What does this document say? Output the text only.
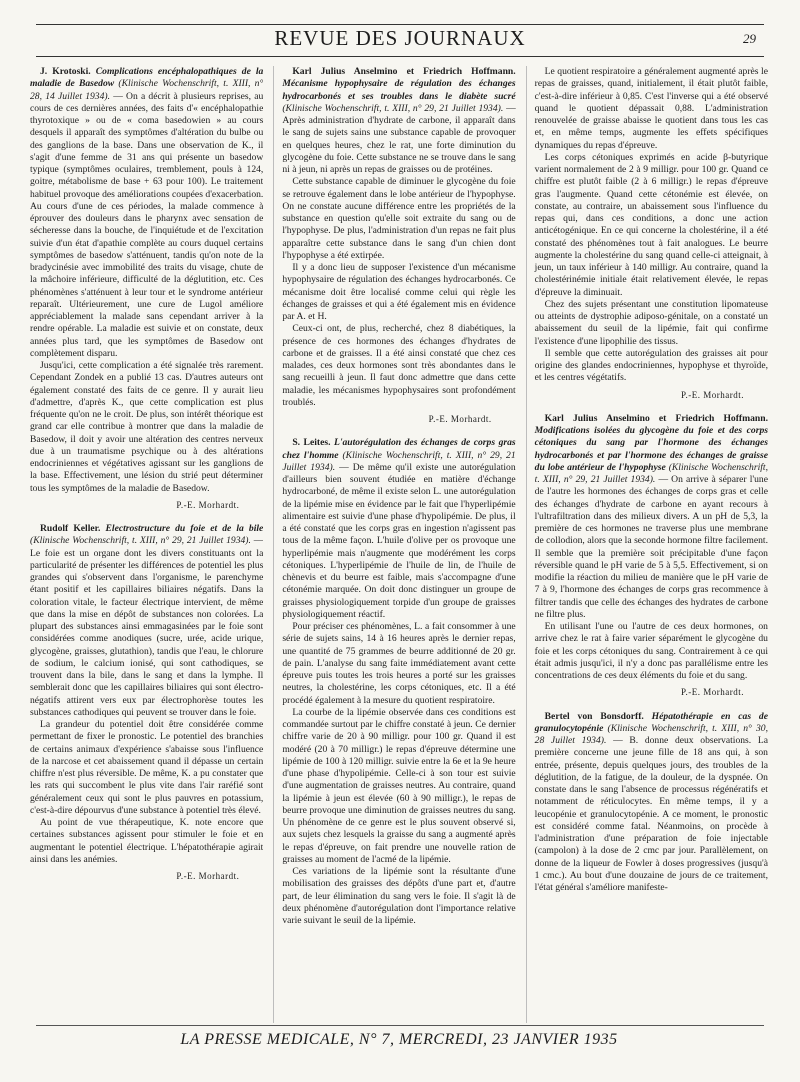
REVUE DES JOURNAUX	29

J. Krotoski. Complications encéphalopathiques de la maladie de Basedow (Klinische Wochenschrift, t. XIII, n° 28, 14 Juillet 1934). — On a décrit à plusieurs reprises, au cours de ces dernières années, des faits d'« encéphalopathie thyrotoxique » ou de « coma basedowien » au cours desquels il apparaît des symptômes d'altération du bulbe ou des ganglions de la base. Dans une observation de K., il s'agit d'une femme de 31 ans qui présente un basedow typique (symptômes oculaires, tremblement, pouls à 124, goitre, métabolisme de base + 63 pour 100). Le traitement habituel provoque des améliorations coupées d'exacerbation. Au cours d'une de ces périodes, la malade commence à éprouver des douleurs dans le pharynx avec sensation de sécheresse dans la bouche, de l'inquiétude et de l'excitation suivie d'un état d'apathie complète au cours duquel certains symptômes de basedow s'atténuent, tandis qu'on note de la bradycinésie avec immobilité des traits du visage, chute de la mâchoire inférieure, difficulté de la déglutition, etc. Ces phénomènes s'atténuent à leur tour et le syndrome antérieur reparaît. Ultérieurement, une cure de Lugol améliore appréciablement la malade sans cependant arriver à la rendre opérable. La maladie est suivie et on constate, deux années plus tard, que les symptômes de Basedow ont complètement disparu.

Jusqu'ici, cette complication a été signalée très rarement. Cependant Zondek en a publié 13 cas. D'autres auteurs ont également constaté des faits de ce genre. Il y aurait lieu d'admettre, d'après K., que cette complication est plus fréquente qu'on ne le croit. De plus, son intérêt théorique est grand car elle contribue à montrer que dans la maladie de Basedow, il doit y avoir une altération des centres nerveux due à un traumatisme psychique ou à des altérations endocriniennes et végétatives agissant sur les ganglions de la base. Effectivement, une lésion du strié peut déterminer tous les symptômes de la maladie de Basedow.

P.-E. Morhardt.

Rudolf Keller. Electrostructure du foie et de la bile (Klinische Wochenschrift, t. XIII, n° 29, 21 Juillet 1934). — Le foie est un organe dont les divers constituants ont la particularité de présenter les différences de potentiel les plus grandes qui s'observent dans l'organisme, le parenchyme étant positif et les capillaires biliaires négatifs. Dans la coloration vitale, le facteur électrique intervient, de même que dans la mise en dépôt de substances non colorées. La plupart des substances ainsi emmagasinées par le foie sont considérées comme anodiques (sucre, urée, acide urique, glycogène, graisses, glutathion), tandis que l'eau, le chlorure de sodium, le calcium ionisé, qui sont cathodiques, se trouvent dans la bile, dans le sang et dans la lymphe. Il semblerait donc que les capillaires biliaires qui sont électro-négatifs attirent vers eux par électrophorèse toutes les substances cathodiques qui peuvent se trouver dans le foie.

La grandeur du potentiel doit être considérée comme permettant de fixer le pronostic. Le potentiel des branchies de certains animaux d'expérience s'abaisse sous l'influence de la narcose et cet abaissement quand il dépasse un certain chiffre n'est plus réversible. De même, K. a pu constater que les rats qui succombent le plus vite dans l'air raréfié sont généralement ceux qui sont le plus pauvres en potassium, c'est-à-dire dépourvus d'une substance à potentiel très élevé.

Au point de vue thérapeutique, K. note encore que certaines substances agissent pour stimuler le foie et en augmentant le potentiel électrique. L'hépatothérapie agirait ainsi dans les anémies.

P.-E. Morhardt.

Karl Julius Anselmino et Friedrich Hoffmann. Mécanisme hypophysaire de régulation des échanges hydrocarbonés et ses troubles dans le diabète sucré (Klinische Wochenschrift, t. XIII, n° 29, 21 Juillet 1934). — Après administration d'hydrate de carbone, il apparaît dans le sang de sujets sains une substance capable de provoquer en quelques heures, chez le rat, une forte diminution du glycogène du foie. Cette substance ne se trouve dans le sang ni à jeun, ni après un repas de graisses ou de protéines.

Cette substance capable de diminuer le glycogène du foie se retrouve également dans le lobe antérieur de l'hypophyse. On ne constate aucune différence entre les propriétés de la substance en question qu'elle soit extraite du sang ou de l'hypophyse. De plus, l'administration d'un repas ne fait plus apparaître cette substance dans le sang d'un chien dont l'hypophyse a été extirpée.

Il y a donc lieu de supposer l'existence d'un mécanisme hypophysaire de régulation des échanges hydrocarbonés. Ce mécanisme doit être localisé comme celui qui règle les échanges de graisses et qui a été également mis en évidence par A. et H.

Ceux-ci ont, de plus, recherché, chez 8 diabétiques, la présence de ces hormones des échanges d'hydrates de carbone et de graisses. Il a été ainsi constaté que chez ces malades, ces deux hormones sont très abondantes dans le sang recueilli à jeun. Il faut donc admettre que dans cette maladie, les mécanismes hypophysaires sont profondément troublés.

P.-E. Morhardt.

S. Leites. L'autorégulation des échanges de corps gras chez l'homme (Klinische Wochenschrift, t. XIII, n° 29, 21 Juillet 1934). — De même qu'il existe une autorégulation d'ailleurs bien souvent étudiée en matière d'échange hydrocarboné, de même il existe selon L. une autorégulation de la lipémie mise en évidence par le fait que l'hyperlipémie alimentaire est suivie d'une phase d'hypolipémie. De plus, il a été constaté que les corps gras en ingestion n'agissent pas tous de la même façon. L'huile d'olive per os provoque une hyperlipémie mais n'augmente que modérément les corps cétoniques. L'hyperlipémie de l'huile de lin, de l'huile de chènevis et du beurre est faible, mais s'accompagne d'une cétonémie marquée. On doit donc distinguer un groupe de graisses physiologiquement torpide d'un groupe de graisses physiologiquement réactif.

Pour préciser ces phénomènes, L. a fait consommer à une série de sujets sains, 14 à 16 heures après le dernier repas, une quantité de 75 grammes de beurre additionné de 20 gr. de pain. L'analyse du sang faite immédiatement avant cette épreuve puis toutes les trois heures a porté sur les graisses neutres, la cholestérine, les corps cétoniques, etc. Il a été procédé également à la mesure du quotient respiratoire.

La courbe de la lipémie observée dans ces conditions est commandée surtout par le chiffre constaté à jeun. Ce dernier chiffre varie de 20 à 90 milligr. pour 100 gr. Quand il est modéré (20 à 70 milligr.) le repas d'épreuve détermine une lipémie de 100 à 120 milligr. suivie entre la 6e et la 9e heure d'une phase d'hypolipémie. Celle-ci à son tour est suivie d'une augmentation de graisses neutres. Au contraire, quand la lipémie à jeun est élevée (60 à 90 milligr.), le repas de beurre provoque une diminution de graisses neutres du sang. Un phénomène de ce genre est le plus souvent observé si, aux sujets chez lesquels la graisse du sang a augmenté après le repas d'épreuve, on fait prendre une nouvelle ration de graisses au moment de l'acmé de la lipémie.

Ces variations de la lipémie sont la résultante d'une mobilisation des graisses des dépôts d'une part et, d'autre part, de leur élimination du sang vers le foie. Il s'agit là de deux phénomène d'autorégulation dont l'importance relative varie suivant le seuil de la lipémie.

Le quotient respiratoire a généralement augmenté après le repas de graisses, quand, initialement, il était plutôt faible, c'est-à-dire inférieur à 0,85. C'est l'inverse qui a été observé quand le quotient dépassait 0,88. L'administration renouvelée de graisse abaisse le quotient dans tous les cas et, en même temps, augmente les effets spécifiques dynamiques du repas d'épreuve.

Les corps cétoniques exprimés en acide β-butyrique varient normalement de 2 à 9 milligr. pour 100 gr. Quand ce chiffre est plutôt faible (2 à 6 milligr.) le repas d'épreuve gras l'augmente. Quand cette cétonémie est élevée, on constate, au contraire, un abaissement sous l'influence du repas qui, dans ces conditions, a donc une action anticétogénique. En ce qui concerne la cholestérine, il a été constaté des phénomènes tout à fait analogues. Le beurre augmente la cholestérine du sang quand celle-ci atteignait, à jeun, un taux inférieur à 140 milligr. Au contraire, quand la cholestérinémie initiale était relativement élevée, le repas d'épreuve la diminuait.

Chez des sujets présentant une constitution lipomateuse ou atteints de dystrophie adiposo-génitale, on a constaté un abaissement du seuil de la lipémie, fait qui confirme l'existence d'une lipophilie des tissus.

Il semble que cette autorégulation des graisses ait pour origine des glandes endocriniennes, hypophyse et thyroïde, et les centres végétatifs.

P.-E. Morhardt.

Karl Julius Anselmino et Friedrich Hoffmann. Modifications isolées du glycogène du foie et des corps cétoniques du sang par l'hormone des échanges hydrocarbonés et par l'hormone des échanges de graisse du lobe antérieur de l'hypophyse (Klinische Wochenschrift, t. XIII, n° 29, 21 Juillet 1934). — On arrive à séparer l'une de l'autre les hormones des échanges de corps gras et celle des échanges d'hydrate de carbone en ayant recours à l'ultrafiltration dans des milieux divers. A un pH de 5,3, la première de ces hormones ne traverse plus une membrane de collodion, alors que la seconde hormone filtre facilement. Il semble que la première soit précipitable d'une façon réversible quand le pH varie de 5 à 5,5. Effectivement, si on modifie la réaction du milieu de manière que le pH varie de 7 à 9, l'hormone des échanges de corps gras recommence à filtrer tandis que celle des échanges des hydrates de carbone ne filtre plus.

En utilisant l'une ou l'autre de ces deux hormones, on arrive chez le rat à faire varier séparément le glycogène du foie et les corps cétoniques du sang. Contrairement à ce qui était admis jusqu'ici, il n'y a donc pas parallélisme entre les concentrations de ces deux éléments du foie et du sang.

P.-E. Morhardt.

Bertel von Bonsdorff. Hépatothérapie en cas de granulocytopénie (Klinische Wochenschrift, t. XIII, n° 30, 28 Juillet 1934). — B. donne deux observations. La première concerne une jeune fille de 18 ans qui, à son entrée, présente, depuis quelques jours, des troubles de la déglutition, de la fatigue, de la douleur, de la dyspnée. On constate dans le sang l'absence de processus régénératifs et notamment de réticulocytes. En même temps, il y a leucopénie et granulocytopénie. A ce moment, le pronostic est considéré comme fatal. Néanmoins, on procède à l'administration d'une préparation de foie injectable (campolon) à la dose de 2 cmc par jour. Parallèlement, on donne de la liqueur de Fowler à doses progressives (jusqu'à 1 cmc.). Au bout d'une douzaine de jours de ce traitement, l'état général s'améliore manifeste-

LA PRESSE MEDICALE, N° 7, MERCREDI, 23 JANVIER 1935
